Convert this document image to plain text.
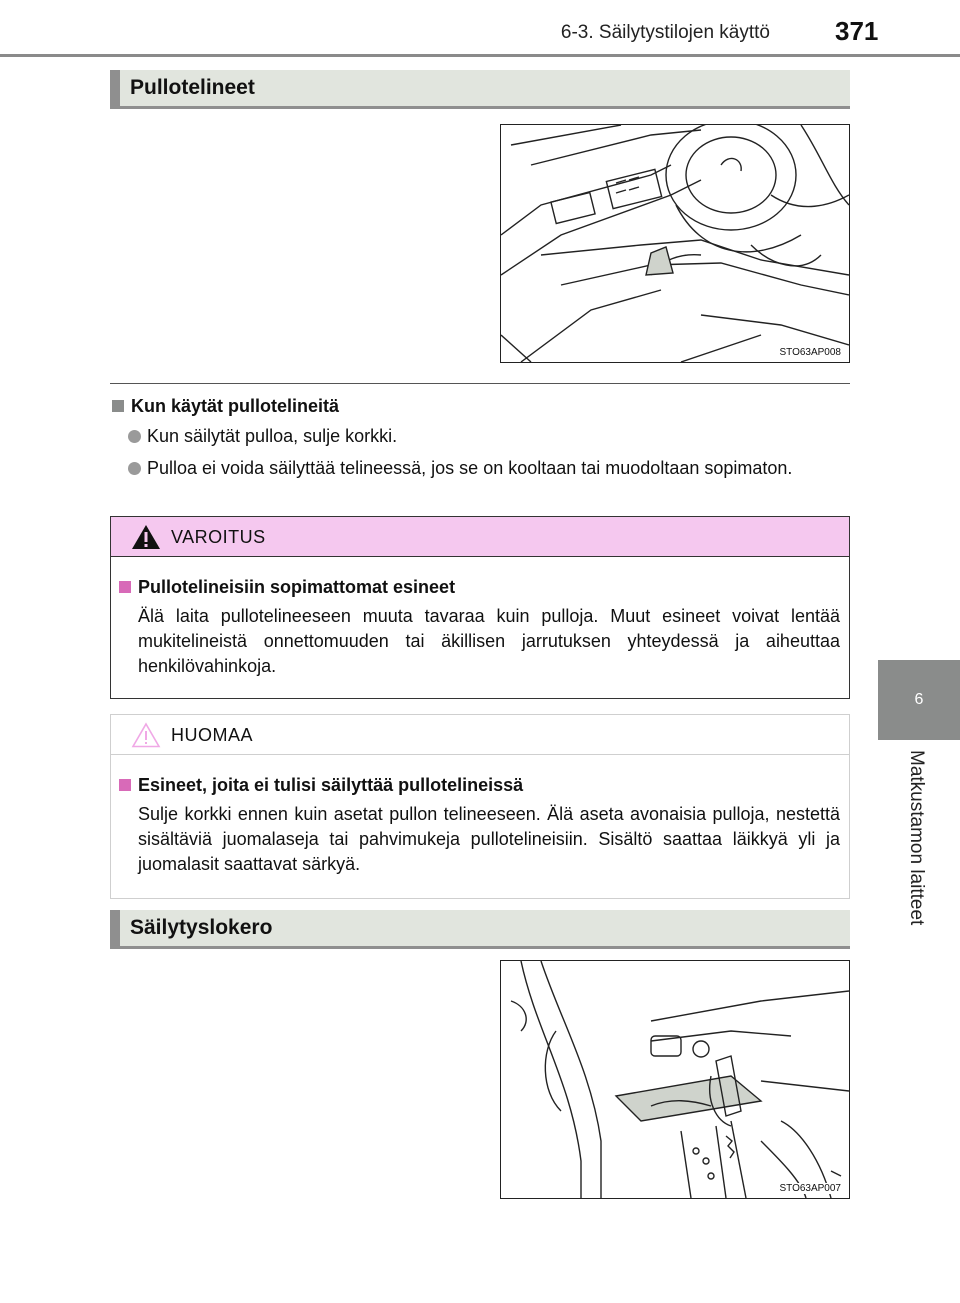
6-3. Säilytystilojen käyttö	371
6
Matkustamon laitteet
Pullotelineet
STO63AP008
Kun käytät pullotelineitä
Kun säilytät pulloa, sulje korkki.
Pulloa ei voida säilyttää telineessä, jos se on kooltaan tai muodoltaan sopimaton.
VAROITUS
Pullotelineisiin sopimattomat esineet
Älä laita pullotelineeseen muuta tavaraa kuin pulloja. Muut esineet voivat lentää mukitelineistä onnettomuuden tai äkillisen jarrutuksen yhteydessä ja aiheuttaa henkilövahinkoja.
HUOMAA
Esineet, joita ei tulisi säilyttää pullotelineissä
Sulje korkki ennen kuin asetat pullon telineeseen. Älä aseta avonaisia pulloja, nestettä sisältäviä juomalaseja tai pahvimukeja pullotelineisiin. Sisältö saattaa läikkyä yli ja juomalasit saattavat särkyä.
Säilytyslokero
STO63AP007
